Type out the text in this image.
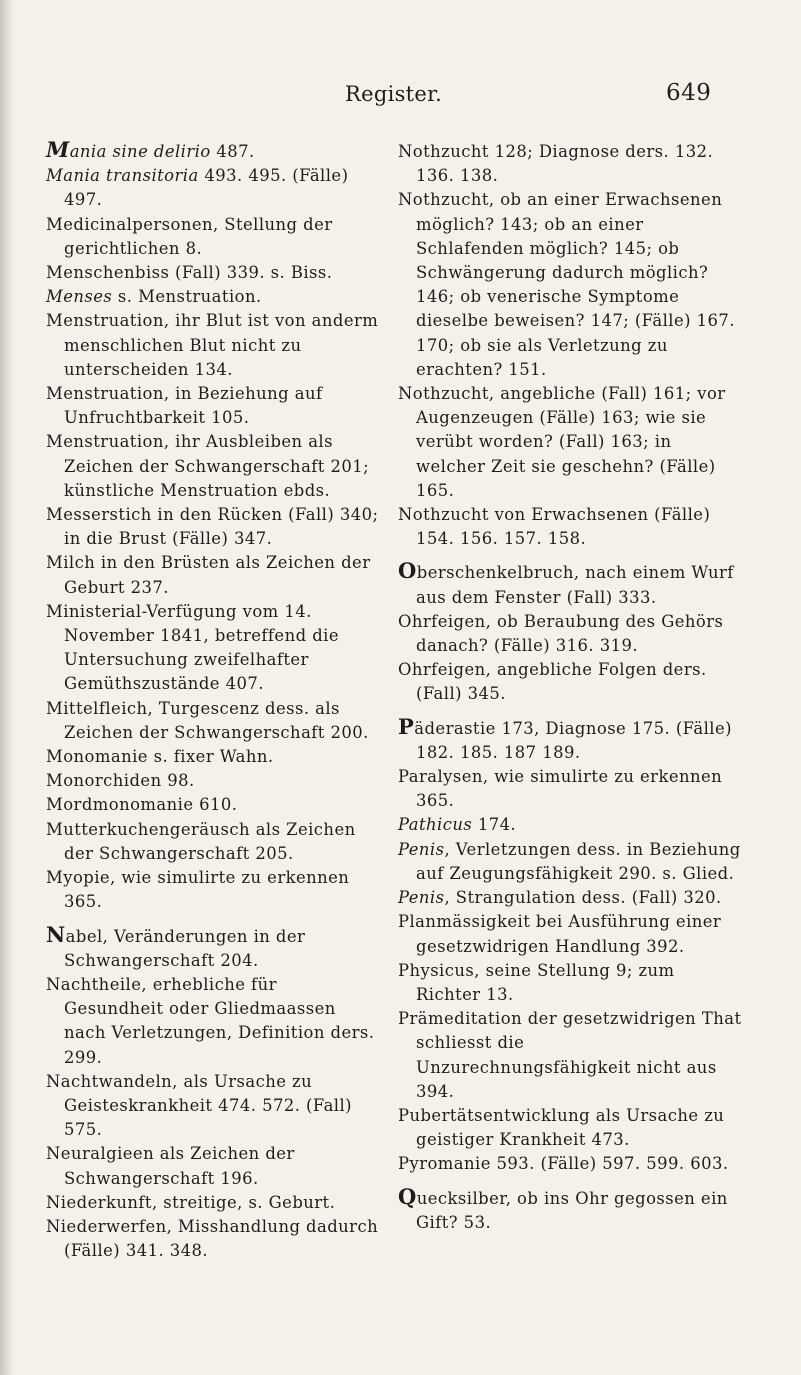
Register.	649

Mania sine delirio 487.

Mania transitoria 493. 495. (Fälle) 497.

Medicinalpersonen, Stellung der gerichtlichen 8.

Menschenbiss (Fall) 339. s. Biss.

Menses s. Menstruation.

Menstruation, ihr Blut ist von anderm menschlichen Blut nicht zu unterscheiden 134.

Menstruation, in Beziehung auf Unfruchtbarkeit 105.

Menstruation, ihr Ausbleiben als Zeichen der Schwangerschaft 201; künstliche Menstruation ebds.

Messerstich in den Rücken (Fall) 340; in die Brust (Fälle) 347.

Milch in den Brüsten als Zeichen der Geburt 237.

Ministerial-Verfügung vom 14. November 1841, betreffend die Untersuchung zweifelhafter Gemüthszustände 407.

Mittelfleich, Turgescenz dess. als Zeichen der Schwangerschaft 200.

Monomanie s. fixer Wahn.

Monorchiden 98.

Mordmonomanie 610.

Mutterkuchengeräusch als Zeichen der Schwangerschaft 205.

Myopie, wie simulirte zu erkennen 365.

Nabel, Veränderungen in der Schwangerschaft 204.

Nachtheile, erhebliche für Gesundheit oder Gliedmaassen nach Verletzungen, Definition ders. 299.

Nachtwandeln, als Ursache zu Geisteskrankheit 474. 572. (Fall) 575.

Neuralgieen als Zeichen der Schwangerschaft 196.

Niederkunft, streitige, s. Geburt.

Niederwerfen, Misshandlung dadurch (Fälle) 341. 348.

Nothzucht 128; Diagnose ders. 132. 136. 138.

Nothzucht, ob an einer Erwachsenen möglich? 143; ob an einer Schlafenden möglich? 145; ob Schwängerung dadurch möglich? 146; ob venerische Symptome dieselbe beweisen? 147; (Fälle) 167. 170; ob sie als Verletzung zu erachten? 151.

Nothzucht, angebliche (Fall) 161; vor Augenzeugen (Fälle) 163; wie sie verübt worden? (Fall) 163; in welcher Zeit sie geschehn? (Fälle) 165.

Nothzucht von Erwachsenen (Fälle) 154. 156. 157. 158.

Oberschenkelbruch, nach einem Wurf aus dem Fenster (Fall) 333.

Ohrfeigen, ob Beraubung des Gehörs danach? (Fälle) 316. 319.

Ohrfeigen, angebliche Folgen ders. (Fall) 345.

Päderastie 173, Diagnose 175. (Fälle) 182. 185. 187 189.

Paralysen, wie simulirte zu erkennen 365.

Pathicus 174.

Penis, Verletzungen dess. in Beziehung auf Zeugungsfähigkeit 290. s. Glied.

Penis, Strangulation dess. (Fall) 320.

Planmässigkeit bei Ausführung einer gesetzwidrigen Handlung 392.

Physicus, seine Stellung 9; zum Richter 13.

Prämeditation der gesetzwidrigen That schliesst die Unzurechnungsfähigkeit nicht aus 394.

Pubertätsentwicklung als Ursache zu geistiger Krankheit 473.

Pyromanie 593. (Fälle) 597. 599. 603.

Quecksilber, ob ins Ohr gegossen ein Gift? 53.
